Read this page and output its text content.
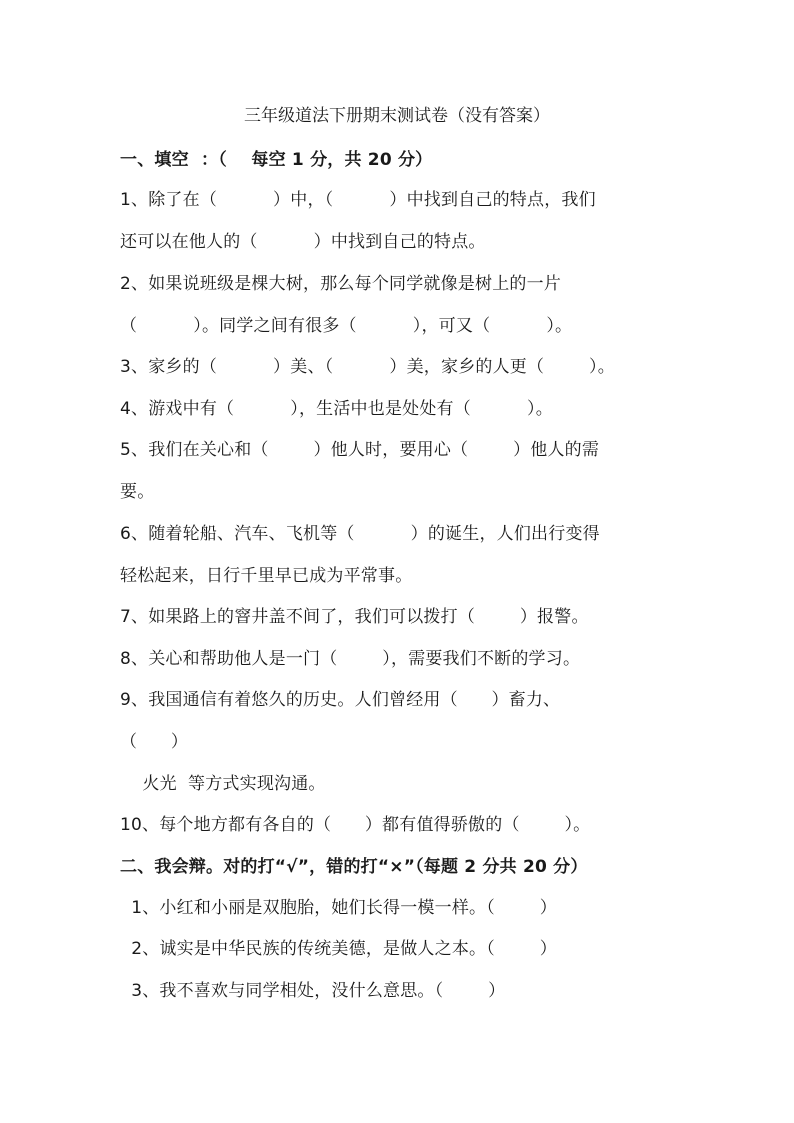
三年级道法下册期末测试卷（没有答案）
一、填空  ：（    每空 1 分，共 20 分）
1、除了在（          ）中，（          ）中找到自己的特点，我们
还可以在他人的（          ）中找到自己的特点。
2、如果说班级是棵大树，那么每个同学就像是树上的一片
（          ）。同学之间有很多（          ），可又（          ）。
3、家乡的（          ）美、（          ）美，家乡的人更（        ）。
4、游戏中有（          ），生活中也是处处有（          ）。
5、我们在关心和（        ）他人时，要用心（        ）他人的需
要。
6、随着轮船、汽车、飞机等（          ）的诞生，人们出行变得
轻松起来，日行千里早已成为平常事。
7、如果路上的窨井盖不间了，我们可以拨打（        ）报警。
8、关心和帮助他人是一门（        ），需要我们不断的学习。
9、我国通信有着悠久的历史。人们曾经用（      ）畜力、
（      ）
火光  等方式实现沟通。
10、每个地方都有各自的（      ）都有值得骄傲的（        ）。
二、我会辩。对的打“√”，错的打“×”（每题 2 分共 20 分）
1、小红和小丽是双胞胎，她们长得一模一样。（        ）
2、诚实是中华民族的传统美德，是做人之本。（        ）
3、我不喜欢与同学相处，没什么意思。（        ）
